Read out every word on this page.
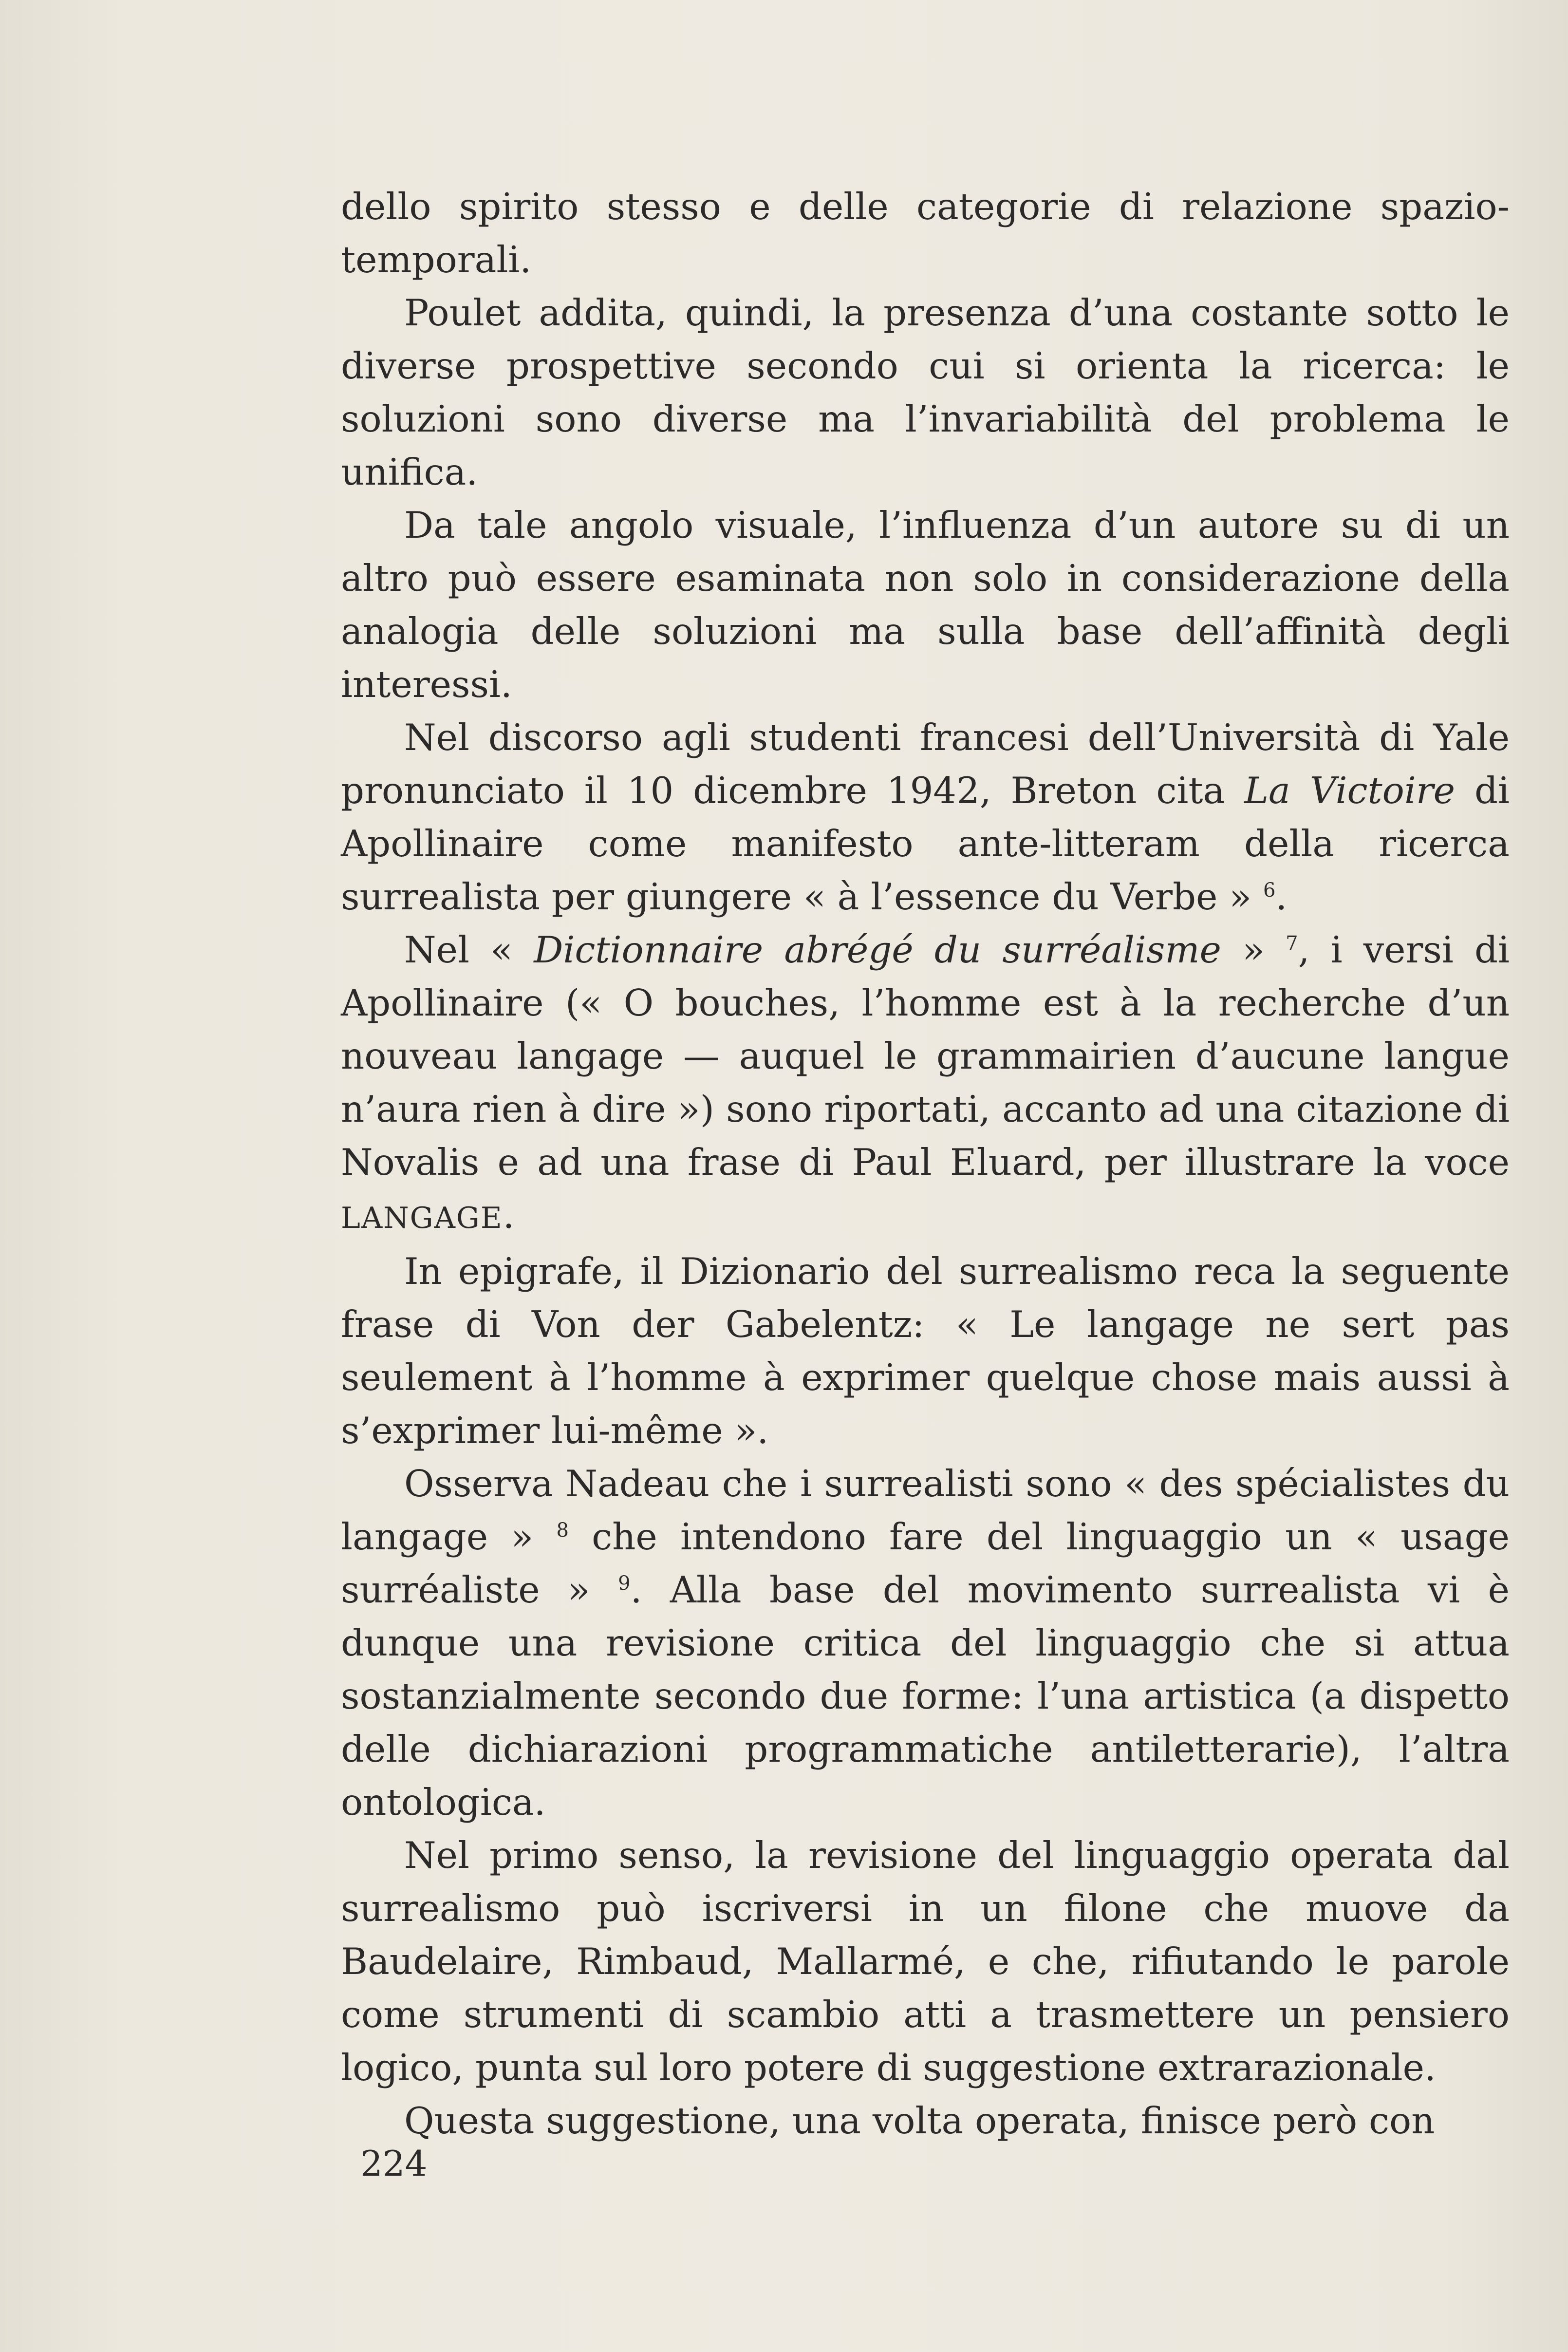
dello spirito stesso e delle categorie di relazione spazio-temporali.

Poulet addita, quindi, la presenza d’una costante sotto le diverse prospettive secondo cui si orienta la ricerca: le soluzioni sono diverse ma l’invariabilità del problema le unifica.

Da tale angolo visuale, l’influenza d’un autore su di un altro può essere esaminata non solo in considerazione della analogia delle soluzioni ma sulla base dell’affinità degli interessi.

Nel discorso agli studenti francesi dell’Università di Yale pronunciato il 10 dicembre 1942, Breton cita La Victoire di Apollinaire come manifesto ante-litteram della ricerca surrealista per giungere « à l’essence du Verbe » $^6$.

Nel « Dictionnaire abrégé du surréalisme » $^7$, i versi di Apollinaire (« O bouches, l’homme est à la recherche d’un nouveau langage — auquel le grammairien d’aucune langue n’aura rien à dire ») sono riportati, accanto ad una citazione di Novalis e ad una frase di Paul Eluard, per illustrare la voce LANGAGE.

In epigrafe, il Dizionario del surrealismo reca la seguente frase di Von der Gabelentz: « Le langage ne sert pas seulement à l’homme à exprimer quelque chose mais aussi à s’exprimer lui-même ».

Osserva Nadeau che i surrealisti sono « des spécialistes du langage » $^8$ che intendono fare del linguaggio un « usage surréaliste » $^9$. Alla base del movimento surrealista vi è dunque una revisione critica del linguaggio che si attua sostanzialmente secondo due forme: l’una artistica (a dispetto delle dichiarazioni programmatiche antiletterarie), l’altra ontologica.

Nel primo senso, la revisione del linguaggio operata dal surrealismo può iscriversi in un filone che muove da Baudelaire, Rimbaud, Mallarmé, e che, rifiutando le parole come strumenti di scambio atti a trasmettere un pensiero logico, punta sul loro potere di suggestione extrarazionale.

Questa suggestione, una volta operata, finisce però con

224
